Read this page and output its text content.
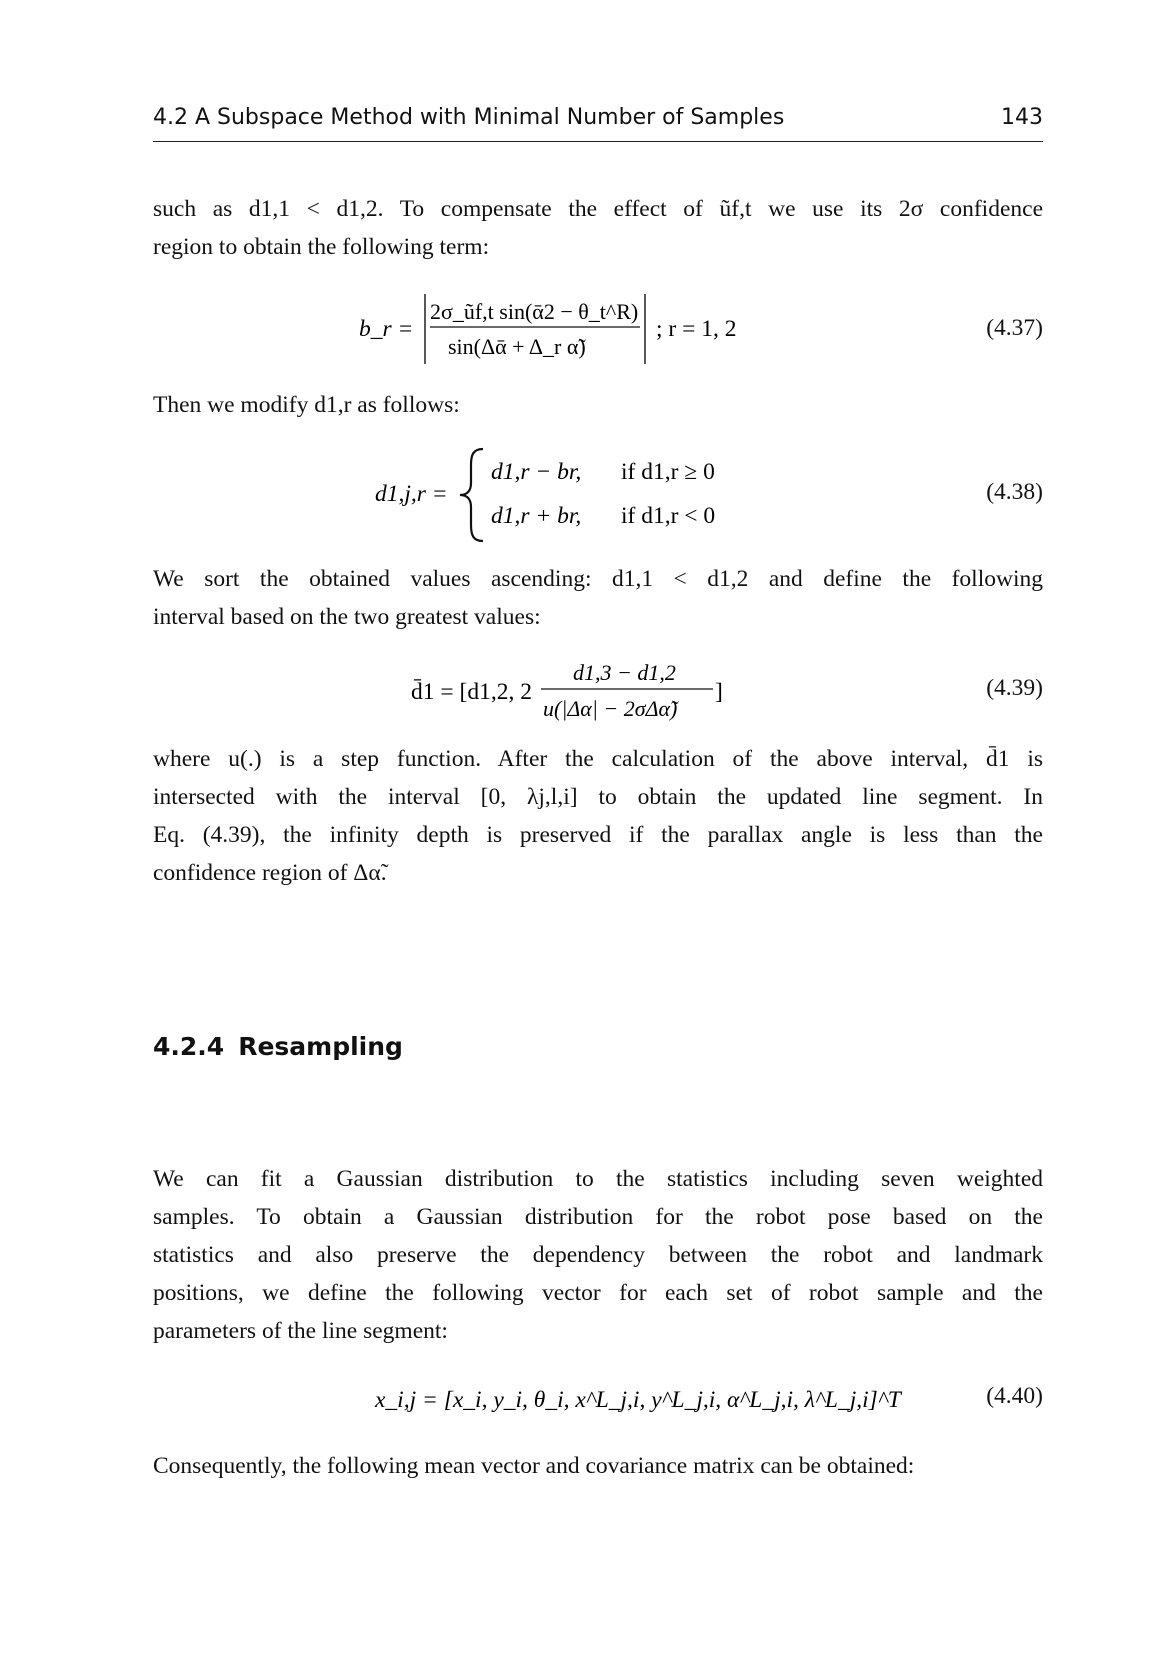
4.2 A Subspace Method with Minimal Number of Samples	143

such as d1,1 < d1,2. To compensate the effect of ũf,t we use its 2σ confidence

region to obtain the following term:

b_r =
2σ_ũf,t sin(ᾱ2 − θ_t^R)
sin(Δᾱ + Δ_r α̃)
; r = 1, 2	(4.37)

Then we modify d1,r as follows:

d1,j,r =
d1,r − br, if d1,r ≥ 0
d1,r + br, if d1,r < 0
(4.38)

We sort the obtained values ascending: d1,1 < d1,2 and define the following

interval based on the two greatest values:

d̄1 = [d1,2, 2
d1,3 − d1,2
u(|Δα| − 2σΔα̃)
]	(4.39)

where u(.) is a step function. After the calculation of the above interval, d̄1 is

intersected with the interval [0, λj,l,i] to obtain the updated line segment. In

Eq. (4.39), the infinity depth is preserved if the parallax angle is less than the

confidence region of Δα̃.

4.2.4 Resampling

We can fit a Gaussian distribution to the statistics including seven weighted

samples. To obtain a Gaussian distribution for the robot pose based on the

statistics and also preserve the dependency between the robot and landmark

positions, we define the following vector for each set of robot sample and the

parameters of the line segment:

x_i,j = [x_i, y_i, θ_i, x^L_j,i, y^L_j,i, α^L_j,i, λ^L_j,i]^T	(4.40)

Consequently, the following mean vector and covariance matrix can be obtained:
